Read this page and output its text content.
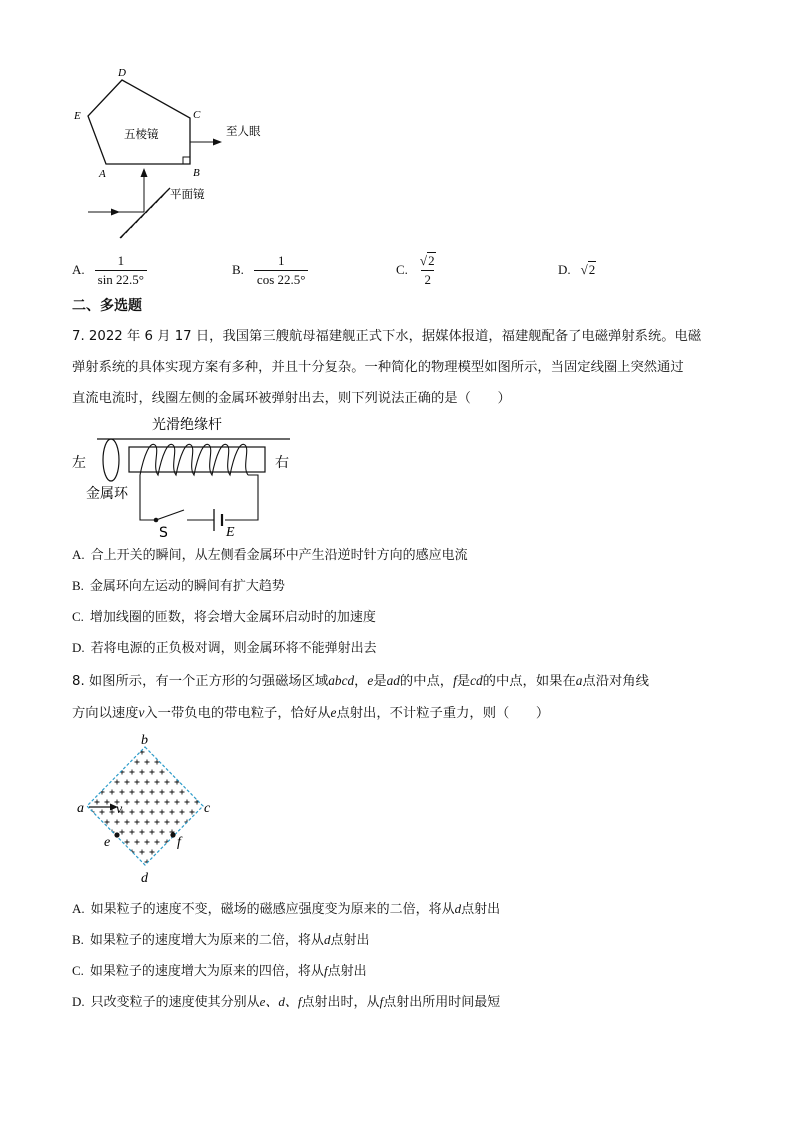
D
C
E
A	B
五棱镜	至人眼
平面镜
A. $\frac{1}{\sin 22.5^\circ}$	B. $\frac{1}{\cos 22.5^\circ}$	C. $\frac{√2}{2}$	D. √2
二、多选题
7. 2022 年 6 月 17 日，我国第三艘航母福建舰正式下水，据媒体报道，福建舰配备了电磁弹射系统。电磁
弹射系统的具体实现方案有多种，并且十分复杂。一种简化的物理模型如图所示，当固定线圈上突然通过
直流电流时，线圈左侧的金属环被弹射出去，则下列说法正确的是（　　）
光滑绝缘杆
左	右
金属环
S	E
A. 合上开关的瞬间，从左侧看金属环中产生沿逆时针方向的感应电流
B. 金属环向左运动的瞬间有扩大趋势
C. 增加线圈的匝数，将会增大金属环启动时的加速度
D. 若将电源的正负极对调，则金属环将不能弹射出去
8. 如图所示，有一个正方形的匀强磁场区域abcd，e是ad的中点，f是cd的中点，如果在a点沿对角线
方向以速度v入一带负电的带电粒子，恰好从e点射出，不计粒子重力，则（　　）
v
b
a	c
d
e	f
A. 如果粒子的速度不变，磁场的磁感应强度变为原来的二倍，将从d点射出
B. 如果粒子的速度增大为原来的二倍，将从d点射出
C. 如果粒子的速度增大为原来的四倍，将从f点射出
D. 只改变粒子的速度使其分别从e、d、f点射出时，从f点射出所用时间最短
